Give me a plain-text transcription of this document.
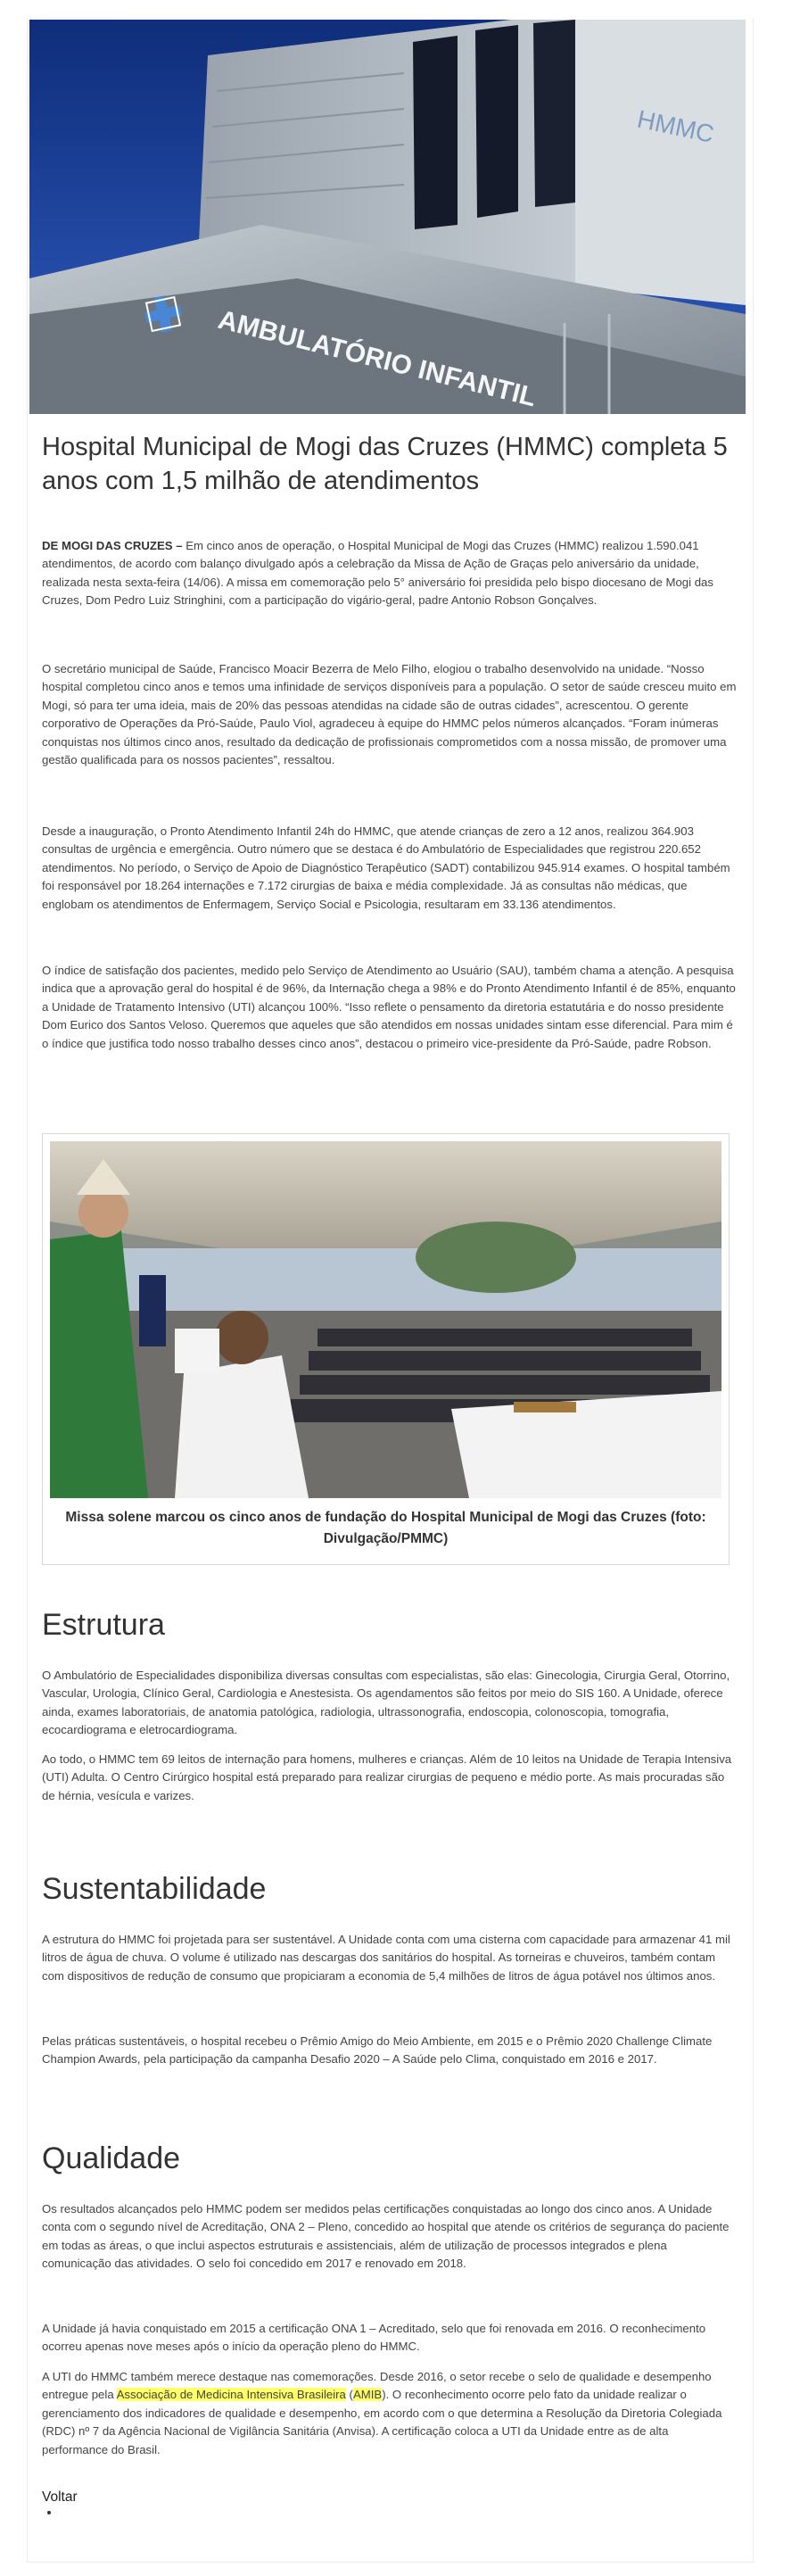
HMMC
AMBULATÓRIO INFANTIL
Hospital Municipal de Mogi das Cruzes (HMMC) completa 5 anos com 1,5 milhão de atendimentos

DE MOGI DAS CRUZES – Em cinco anos de operação, o Hospital Municipal de Mogi das Cruzes (HMMC) realizou 1.590.041 atendimentos, de acordo com balanço divulgado após a celebração da Missa de Ação de Graças pelo aniversário da unidade, realizada nesta sexta-feira (14/06). A missa em comemoração pelo 5° aniversário foi presidida pelo bispo diocesano de Mogi das Cruzes, Dom Pedro Luiz Stringhini, com a participação do vigário-geral, padre Antonio Robson Gonçalves.

O secretário municipal de Saúde, Francisco Moacir Bezerra de Melo Filho, elogiou o trabalho desenvolvido na unidade. “Nosso hospital completou cinco anos e temos uma infinidade de serviços disponíveis para a população. O setor de saúde cresceu muito em Mogi, só para ter uma ideia, mais de 20% das pessoas atendidas na cidade são de outras cidades”, acrescentou. O gerente corporativo de Operações da Pró-Saúde, Paulo Viol, agradeceu à equipe do HMMC pelos números alcançados. “Foram inúmeras conquistas nos últimos cinco anos, resultado da dedicação de profissionais comprometidos com a nossa missão, de promover uma gestão qualificada para os nossos pacientes”, ressaltou.

Desde a inauguração, o Pronto Atendimento Infantil 24h do HMMC, que atende crianças de zero a 12 anos, realizou 364.903 consultas de urgência e emergência. Outro número que se destaca é do Ambulatório de Especialidades que registrou 220.652 atendimentos. No período, o Serviço de Apoio de Diagnóstico Terapêutico (SADT) contabilizou 945.914 exames. O hospital também foi responsável por 18.264 internações e 7.172 cirurgias de baixa e média complexidade. Já as consultas não médicas, que englobam os atendimentos de Enfermagem, Serviço Social e Psicologia, resultaram em 33.136 atendimentos.

O índice de satisfação dos pacientes, medido pelo Serviço de Atendimento ao Usuário (SAU), também chama a atenção. A pesquisa indica que a aprovação geral do hospital é de 96%, da Internação chega a 98% e do Pronto Atendimento Infantil é de 85%, enquanto a Unidade de Tratamento Intensivo (UTI) alcançou 100%. “Isso reflete o pensamento da diretoria estatutária e do nosso presidente Dom Eurico dos Santos Veloso. Queremos que aqueles que são atendidos em nossas unidades sintam esse diferencial. Para mim é o índice que justifica todo nosso trabalho desses cinco anos”, destacou o primeiro vice-presidente da Pró-Saúde, padre Robson.

Missa solene marcou os cinco anos de fundação do Hospital Municipal de Mogi das Cruzes (foto: Divulgação/PMMC)
Estrutura

O Ambulatório de Especialidades disponibiliza diversas consultas com especialistas, são elas: Ginecologia, Cirurgia Geral, Otorrino, Vascular, Urologia, Clínico Geral, Cardiologia e Anestesista. Os agendamentos são feitos por meio do SIS 160. A Unidade, oferece ainda, exames laboratoriais, de anatomia patológica, radiologia, ultrassonografia, endoscopia, colonoscopia, tomografia, ecocardiograma e eletrocardiograma.

Ao todo, o HMMC tem 69 leitos de internação para homens, mulheres e crianças. Além de 10 leitos na Unidade de Terapia Intensiva (UTI) Adulta. O Centro Cirúrgico hospital está preparado para realizar cirurgias de pequeno e médio porte. As mais procuradas são de hérnia, vesícula e varizes.

Sustentabilidade

A estrutura do HMMC foi projetada para ser sustentável. A Unidade conta com uma cisterna com capacidade para armazenar 41 mil litros de água de chuva. O volume é utilizado nas descargas dos sanitários do hospital. As torneiras e chuveiros, também contam com dispositivos de redução de consumo que propiciaram a economia de 5,4 milhões de litros de água potável nos últimos anos.

Pelas práticas sustentáveis, o hospital recebeu o Prêmio Amigo do Meio Ambiente, em 2015 e o Prêmio 2020 Challenge Climate Champion Awards, pela participação da campanha Desafio 2020 – A Saúde pelo Clima, conquistado em 2016 e 2017.

Qualidade

Os resultados alcançados pelo HMMC podem ser medidos pelas certificações conquistadas ao longo dos cinco anos. A Unidade conta com o segundo nível de Acreditação, ONA 2 – Pleno, concedido ao hospital que atende os critérios de segurança do paciente em todas as áreas, o que inclui aspectos estruturais e assistenciais, além de utilização de processos integrados e plena comunicação das atividades. O selo foi concedido em 2017 e renovado em 2018.

A Unidade já havia conquistado em 2015 a certificação ONA 1 – Acreditado, selo que foi renovada em 2016. O reconhecimento ocorreu apenas nove meses após o início da operação pleno do HMMC.

A UTI do HMMC também merece destaque nas comemorações. Desde 2016, o setor recebe o selo de qualidade e desempenho entregue pela Associação de Medicina Intensiva Brasileira (AMIB). O reconhecimento ocorre pelo fato da unidade realizar o gerenciamento dos indicadores de qualidade e desempenho, em acordo com o que determina a Resolução da Diretoria Colegiada (RDC) nº 7 da Agência Nacional de Vigilância Sanitária (Anvisa). A certificação coloca a UTI da Unidade entre as de alta performance do Brasil.

Voltar
•
